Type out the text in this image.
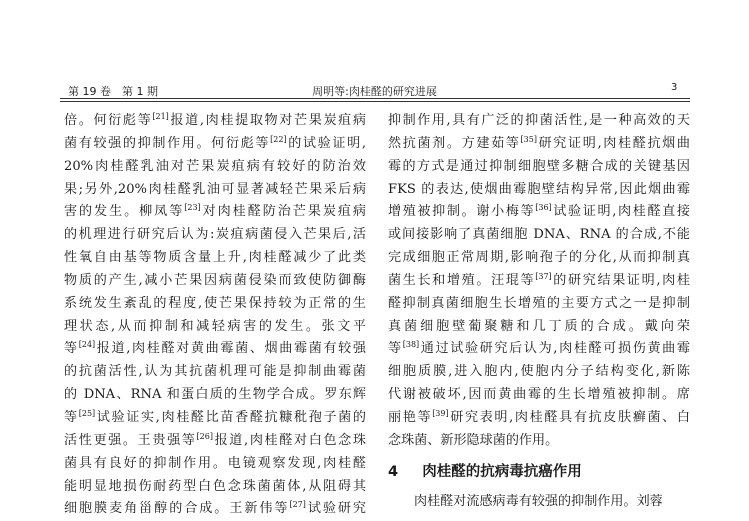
第 19 卷　第 1 期	周明等:肉桂醛的研究进展	3
倍。何衍彪等[21]报道,肉桂提取物对芒果炭疽病
菌有较强的抑制作用。何衍彪等[22]的试验证明,
20%肉桂醛乳油对芒果炭疽病有较好的防治效
果;另外,20%肉桂醛乳油可显著减轻芒果采后病
害的发生。柳凤等[23]对肉桂醛防治芒果炭疽病
的机理进行研究后认为:炭疽病菌侵入芒果后,活
性氧自由基等物质含量上升,肉桂醛减少了此类
物质的产生,减小芒果因病菌侵染而致使防御酶
系统发生紊乱的程度,使芒果保持较为正常的生
理状态,从而抑制和减轻病害的发生。张文平
等[24]报道,肉桂醛对黄曲霉菌、烟曲霉菌有较强
的抗菌活性,认为其抗菌机理可能是抑制曲霉菌
的 DNA、RNA 和蛋白质的生物学合成。罗东辉
等[25]试验证实,肉桂醛比苗香醛抗糠秕孢子菌的
活性更强。王贵强等[26]报道,肉桂醛对白色念珠
菌具有良好的抑制作用。电镜观察发现,肉桂醛
能明显地损伤耐药型白色念珠菌菌体,从阻碍其
细胞膜麦角甾醇的合成。王新伟等[27]试验研究
抑制作用,具有广泛的抑菌活性,是一种高效的天
然抗菌剂。方建茹等[35]研究证明,肉桂醛抗烟曲
霉的方式是通过抑制细胞壁多糖合成的关键基因
FKS 的表达,使烟曲霉胞壁结构异常,因此烟曲霉
增殖被抑制。谢小梅等[36]试验证明,肉桂醛直接
或间接影响了真菌细胞 DNA、RNA 的合成,不能
完成细胞正常周期,影响孢子的分化,从而抑制真
菌生长和增殖。汪琨等[37]的研究结果证明,肉桂
醛抑制真菌细胞生长增殖的主要方式之一是抑制
真菌细胞壁葡聚糖和几丁质的合成。戴向荣
等[38]通过试验研究后认为,肉桂醛可损伤黄曲霉
细胞质膜,进入胞内,使胞内分子结构变化,新陈
代谢被破坏,因而黄曲霉的生长增殖被抑制。席
丽艳等[39]研究表明,肉桂醛具有抗皮肤癣菌、白
念珠菌、新形隐球菌的作用。
4 肉桂醛的抗病毒抗癌作用
肉桂醛对流感病毒有较强的抑制作用。刘蓉
